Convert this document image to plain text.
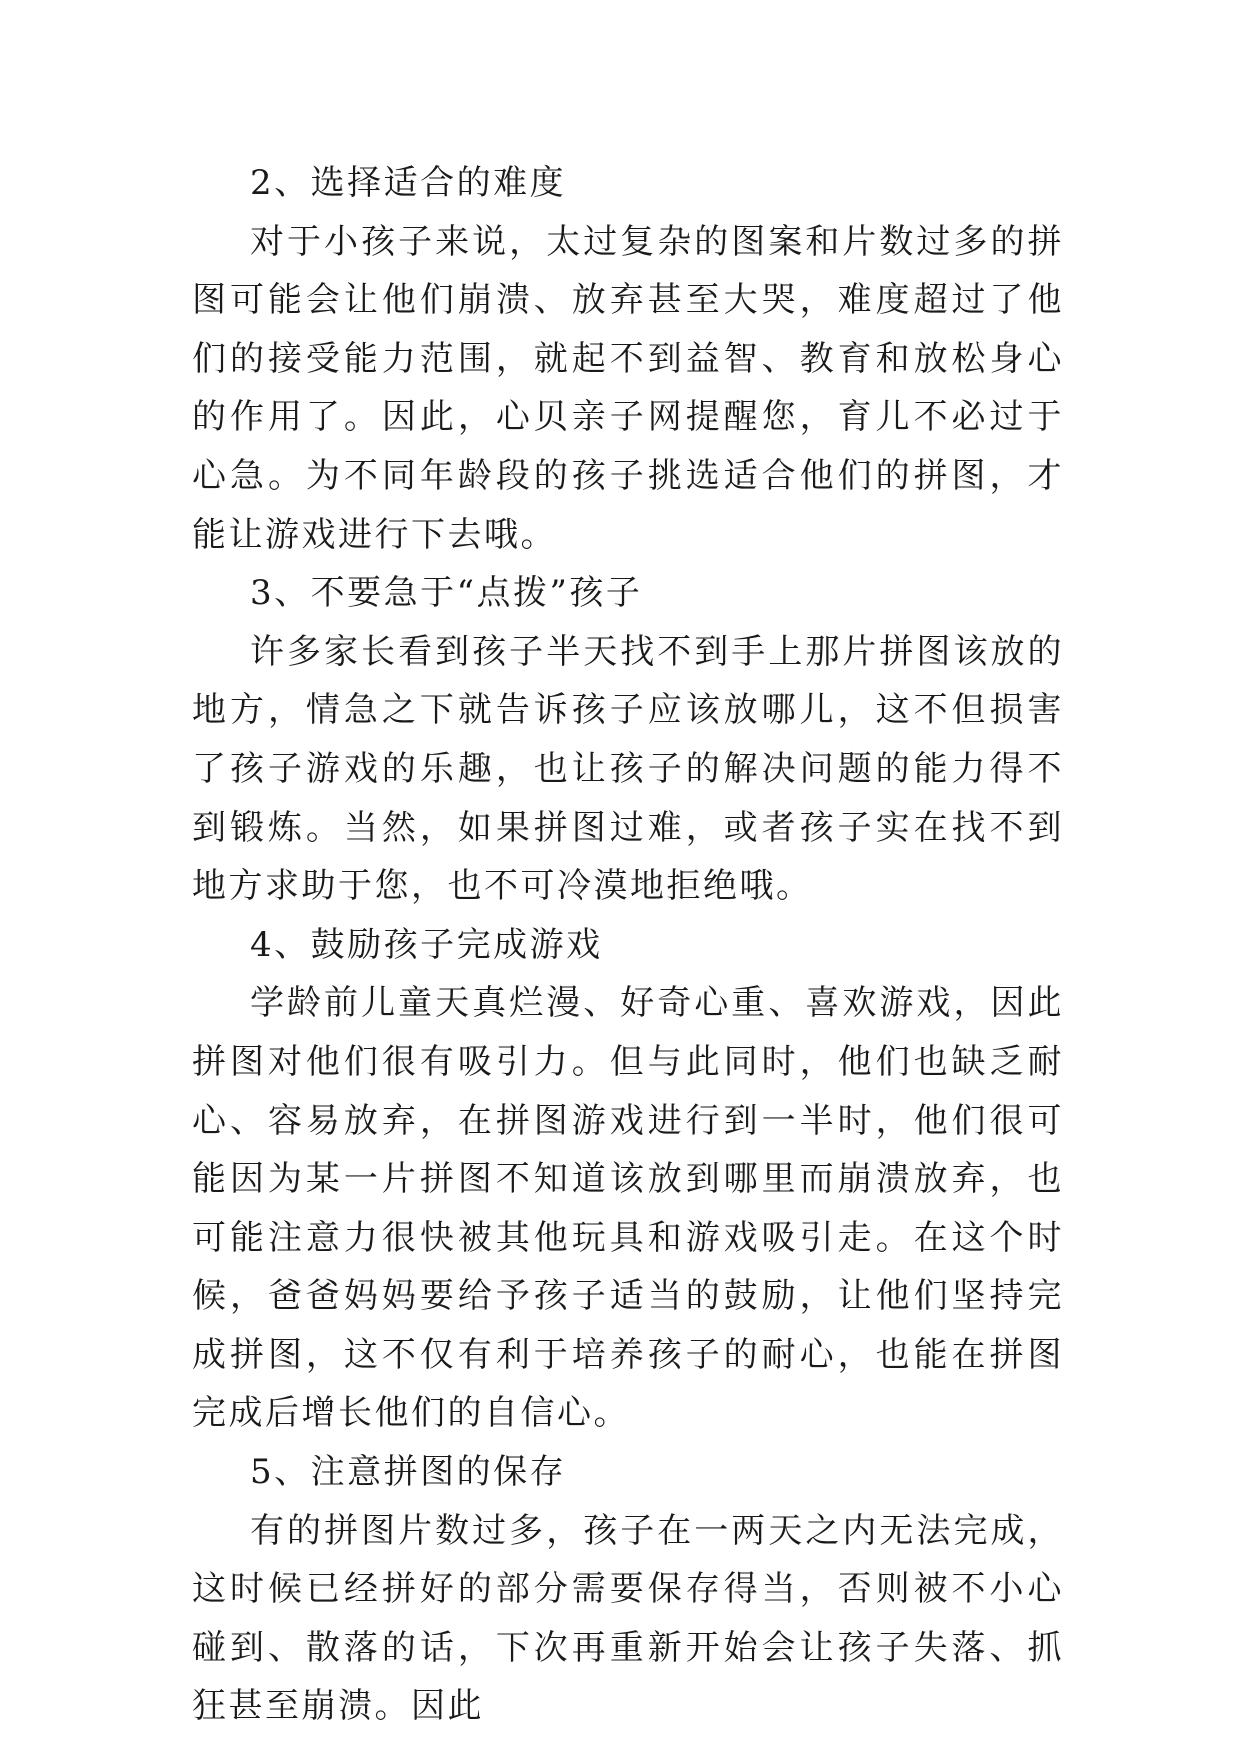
2、选择适合的难度

对于小孩子来说，太过复杂的图案和片数过多的拼图可能会让他们崩溃、放弃甚至大哭，难度超过了他们的接受能力范围，就起不到益智、教育和放松身心的作用了。因此，心贝亲子网提醒您，育儿不必过于心急。为不同年龄段的孩子挑选适合他们的拼图，才能让游戏进行下去哦。

3、不要急于“点拨”孩子

许多家长看到孩子半天找不到手上那片拼图该放的地方，情急之下就告诉孩子应该放哪儿，这不但损害了孩子游戏的乐趣，也让孩子的解决问题的能力得不到锻炼。当然，如果拼图过难，或者孩子实在找不到地方求助于您，也不可冷漠地拒绝哦。

4、鼓励孩子完成游戏

学龄前儿童天真烂漫、好奇心重、喜欢游戏，因此拼图对他们很有吸引力。但与此同时，他们也缺乏耐心、容易放弃，在拼图游戏进行到一半时，他们很可能因为某一片拼图不知道该放到哪里而崩溃放弃，也可能注意力很快被其他玩具和游戏吸引走。在这个时候，爸爸妈妈要给予孩子适当的鼓励，让他们坚持完成拼图，这不仅有利于培养孩子的耐心，也能在拼图完成后增长他们的自信心。

5、注意拼图的保存

有的拼图片数过多，孩子在一两天之内无法完成，这时候已经拼好的部分需要保存得当，否则被不小心碰到、散落的话，下次再重新开始会让孩子失落、抓狂甚至崩溃。因此
